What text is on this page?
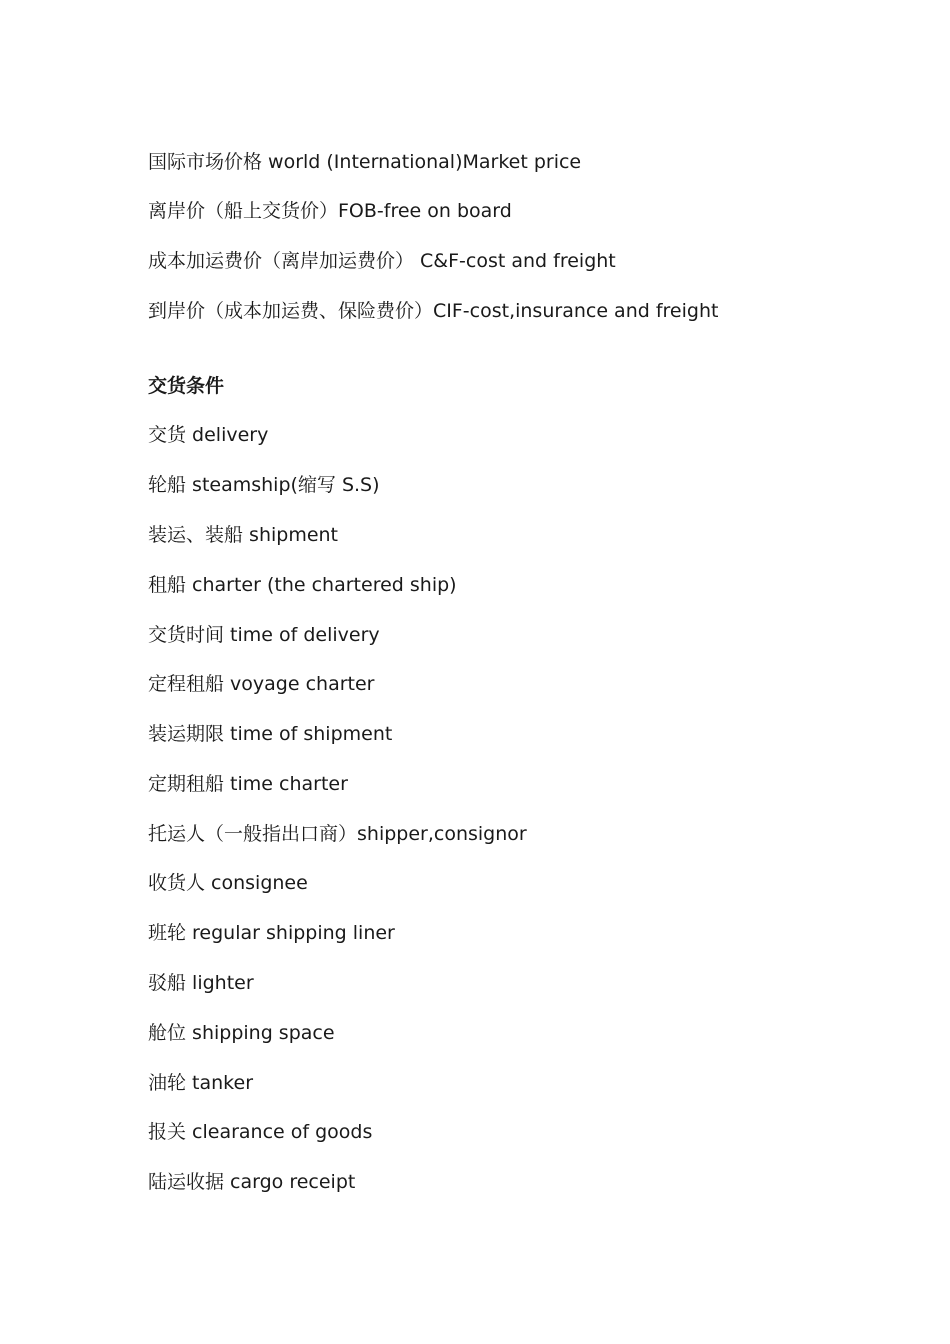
国际市场价格 world (International)Market price
离岸价（船上交货价）FOB-free on board
成本加运费价（离岸加运费价） C&F-cost and freight
到岸价（成本加运费、保险费价）CIF-cost,insurance and freight
交货条件
交货 delivery
轮船 steamship(缩写 S.S)
装运、装船 shipment
租船 charter (the chartered ship)
交货时间 time of delivery
定程租船 voyage charter
装运期限 time of shipment
定期租船 time charter
托运人（一般指出口商）shipper,consignor
收货人 consignee
班轮 regular shipping liner
驳船 lighter
舱位 shipping space
油轮 tanker
报关 clearance of goods
陆运收据 cargo receipt
